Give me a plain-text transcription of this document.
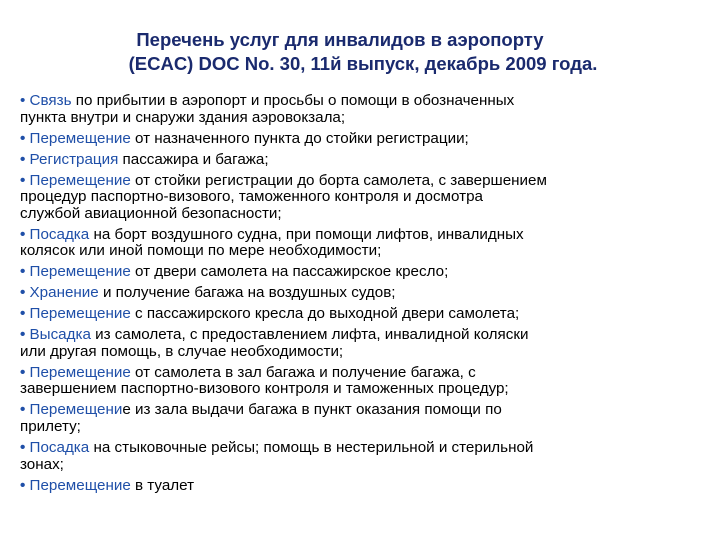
Перечень услуг для инвалидов в аэропорту
(ECAC) DOC No. 30, 11й выпуск, декабрь 2009 года.
• Связь по прибытии в аэропорт и просьбы о помощи в обозначенных
пункта внутри и снаружи здания аэровокзала;
• Перемещение от назначенного пункта до стойки регистрации;
• Регистрация пассажира и багажа;
• Перемещение от стойки регистрации до борта самолета, с завершением
процедур паспортно-визового, таможенного контроля и досмотра
службой авиационной безопасности;
• Посадка на борт воздушного судна, при помощи лифтов, инвалидных
колясок или иной помощи по мере необходимости;
• Перемещение от двери самолета на пассажирское кресло;
• Хранение и получение багажа на воздушных судов;
• Перемещение с пассажирского кресла до выходной двери самолета;
• Высадка из самолета, с предоставлением лифта, инвалидной коляски
или другая помощь, в случае необходимости;
• Перемещение от самолета в зал багажа и получение багажа, с
завершением паспортно-визового контроля и таможенных процедур;
• Перемещение из зала выдачи багажа в пункт оказания помощи по
прилету;
• Посадка на стыковочные рейсы; помощь в нестерильной и стерильной
зонах;
• Перемещение в туалет
